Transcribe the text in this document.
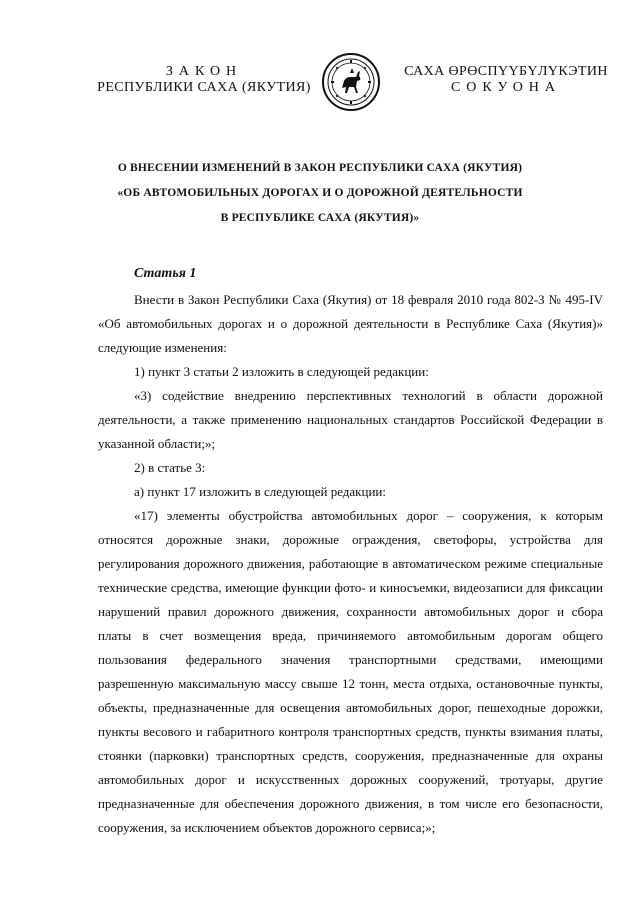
ЗАКОН
РЕСПУБЛИКИ САХА (ЯКУТИЯ)
САХА ӨРӨСПҮҮБҮЛҮКЭТИН
СОКУОНА
О ВНЕСЕНИИ ИЗМЕНЕНИЙ В ЗАКОН РЕСПУБЛИКИ САХА (ЯКУТИЯ)
«ОБ АВТОМОБИЛЬНЫХ ДОРОГАХ И О ДОРОЖНОЙ ДЕЯТЕЛЬНОСТИ
В РЕСПУБЛИКЕ САХА (ЯКУТИЯ)»
Статья 1

Внести в Закон Республики Саха (Якутия) от 18 февраля 2010 года 802-З № 495-IV «Об автомобильных дорогах и о дорожной деятельности в Республике Саха (Якутия)» следующие изменения:

1) пункт 3 статьи 2 изложить в следующей редакции:

«3) содействие внедрению перспективных технологий в области дорожной деятельности, а также применению национальных стандартов Российской Федерации в указанной области;»;

2) в статье 3:

а) пункт 17 изложить в следующей редакции:

«17) элементы обустройства автомобильных дорог – сооружения, к которым относятся дорожные знаки, дорожные ограждения, светофоры, устройства для регулирования дорожного движения, работающие в автоматическом режиме специальные технические средства, имеющие функции фото- и киносъемки, видеозаписи для фиксации нарушений правил дорожного движения, сохранности автомобильных дорог и сбора платы в счет возмещения вреда, причиняемого автомобильным дорогам общего пользования федерального значения транспортными средствами, имеющими разрешенную максимальную массу свыше 12 тонн, места отдыха, остановочные пункты, объекты, предназначенные для освещения автомобильных дорог, пешеходные дорожки, пункты весового и габаритного контроля транспортных средств, пункты взимания платы, стоянки (парковки) транспортных средств, сооружения, предназначенные для охраны автомобильных дорог и искусственных дорожных сооружений, тротуары, другие предназначенные для обеспечения дорожного движения, в том числе его безопасности, сооружения, за исключением объектов дорожного сервиса;»;
